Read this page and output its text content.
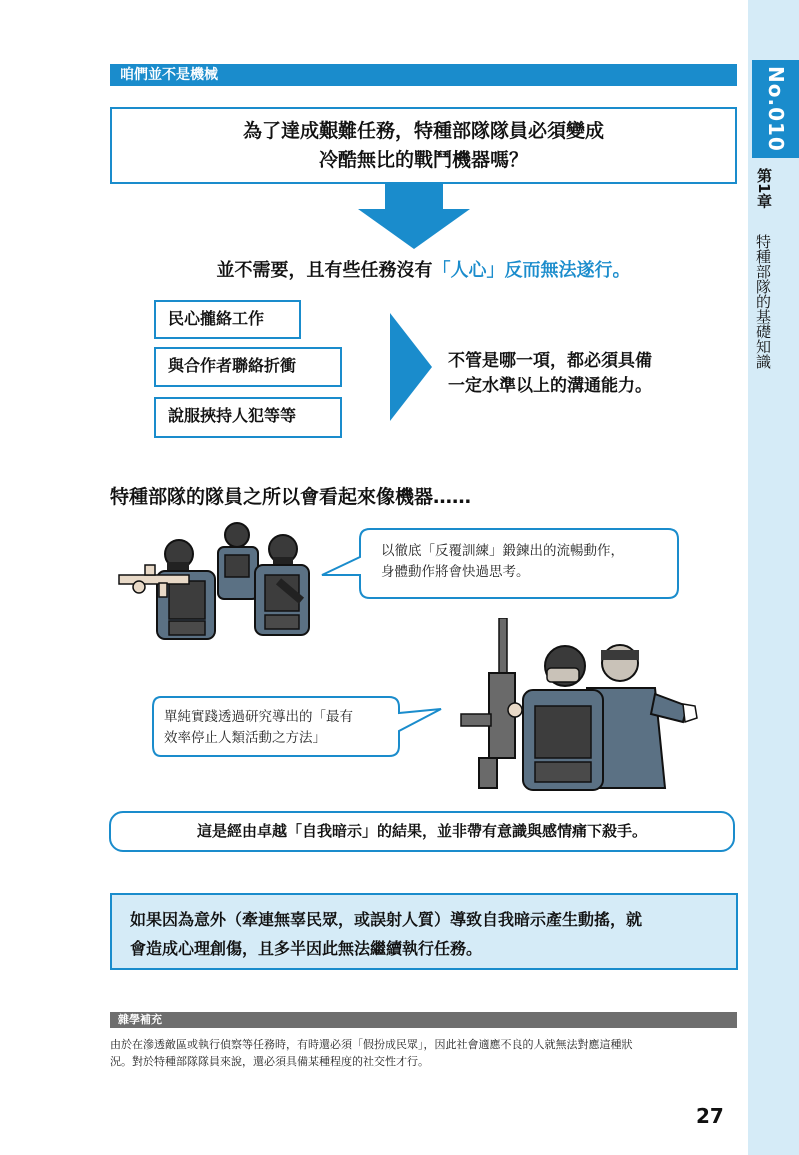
No.010
第1章
特種部隊的基礎知識
咱們並不是機械
為了達成艱難任務，特種部隊隊員必須變成
冷酷無比的戰鬥機器嗎？
並不需要，且有些任務沒有「人心」反而無法遂行。
民心攏絡工作
與合作者聯絡折衝
說服挾持人犯等等
不管是哪一項，都必須具備
一定水準以上的溝通能力。
特種部隊的隊員之所以會看起來像機器……
以徹底「反覆訓練」鍛鍊出的流暢動作，
身體動作將會快過思考。
單純實踐透過研究導出的「最有
效率停止人類活動之方法」
這是經由卓越「自我暗示」的結果，並非帶有意識與感情痛下殺手。
如果因為意外（牽連無辜民眾，或誤射人質）導致自我暗示產生動搖，就
會造成心理創傷，且多半因此無法繼續執行任務。
雜學補充
由於在滲透敵區或執行偵察等任務時，有時還必須「假扮成民眾」，因此社會適應不良的人就無法對應這種狀
況。對於特種部隊隊員來說，還必須具備某種程度的社交性才行。
27
